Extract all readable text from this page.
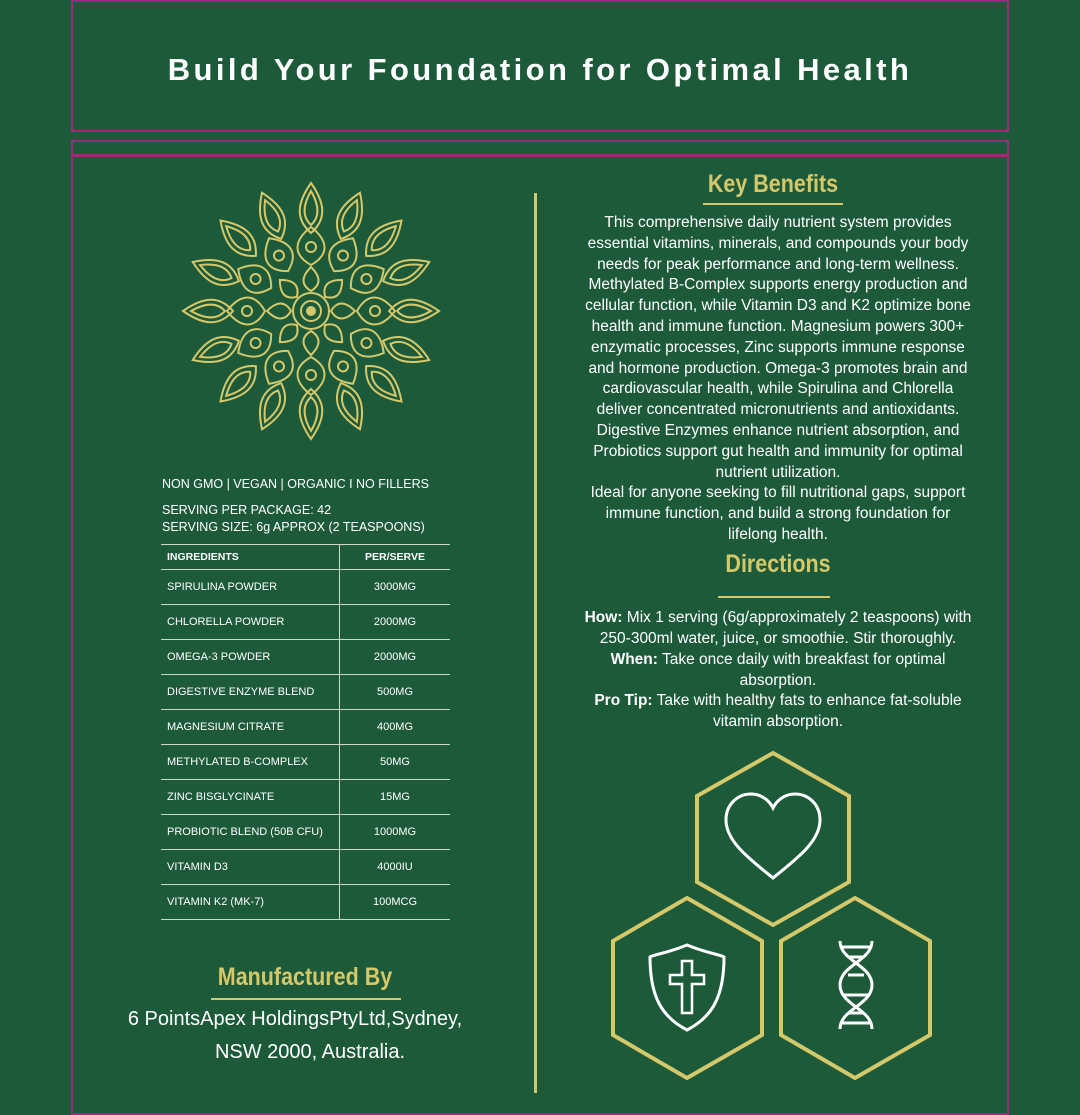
Build Your Foundation for Optimal Health
NON GMO | VEGAN | ORGANIC I NO FILLERS
SERVING PER PACKAGE: 42
SERVING SIZE: 6g APPROX (2 TEASPOONS)
INGREDIENTS	PER/SERVE
SPIRULINA POWDER	3000MG
CHLORELLA POWDER	2000MG
OMEGA-3 POWDER	2000MG
DIGESTIVE ENZYME BLEND	500MG
MAGNESIUM CITRATE	400MG
METHYLATED B-COMPLEX	50MG
ZINC BISGLYCINATE	15MG
PROBIOTIC BLEND (50B CFU)	1000MG
VITAMIN D3	4000IU
VITAMIN K2 (MK-7)	100MCG
Manufactured By
6 PointsApex HoldingsPtyLtd,Sydney,
NSW 2000, Australia.
Key Benefits
This comprehensive daily nutrient system provides
essential vitamins, minerals, and compounds your body
needs for peak performance and long-term wellness.
Methylated B-Complex supports energy production and
cellular function, while Vitamin D3 and K2 optimize bone
health and immune function. Magnesium powers 300+
enzymatic processes, Zinc supports immune response
and hormone production. Omega-3 promotes brain and
cardiovascular health, while Spirulina and Chlorella
deliver concentrated micronutrients and antioxidants.
Digestive Enzymes enhance nutrient absorption, and
Probiotics support gut health and immunity for optimal
nutrient utilization.
Ideal for anyone seeking to fill nutritional gaps, support
immune function, and build a strong foundation for
lifelong health.
Directions
How: Mix 1 serving (6g/approximately 2 teaspoons) with
250-300ml water, juice, or smoothie. Stir thoroughly.
When: Take once daily with breakfast for optimal
absorption.
Pro Tip: Take with healthy fats to enhance fat-soluble
vitamin absorption.
